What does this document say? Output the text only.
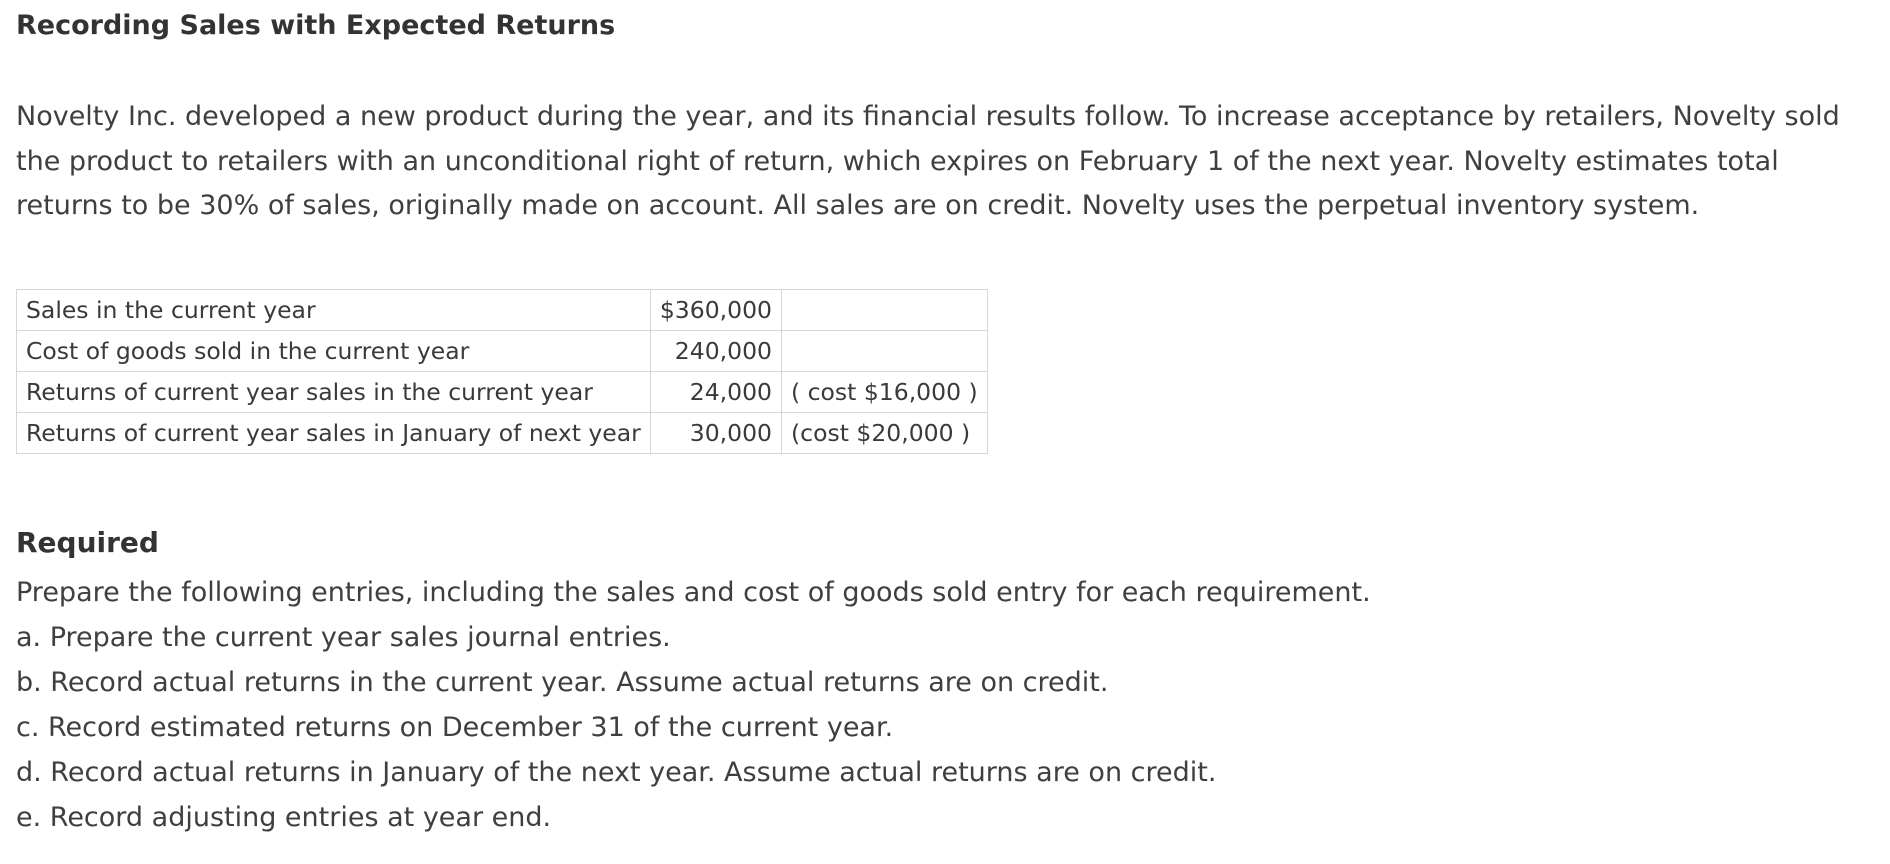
Recording Sales with Expected Returns

Novelty Inc. developed a new product during the year, and its financial results follow. To increase acceptance by retailers, Novelty sold
the product to retailers with an unconditional right of return, which expires on February 1 of the next year. Novelty estimates total
returns to be 30% of sales, originally made on account. All sales are on credit. Novelty uses the perpetual inventory system.

Sales in the current year	$360,000	
Cost of goods sold in the current year	240,000	
Returns of current year sales in the current year	24,000	( cost $16,000 )
Returns of current year sales in January of next year	30,000	(cost $20,000 )
Required
Prepare the following entries, including the sales and cost of goods sold entry for each requirement.
a. Prepare the current year sales journal entries.
b. Record actual returns in the current year. Assume actual returns are on credit.
c. Record estimated returns on December 31 of the current year.
d. Record actual returns in January of the next year. Assume actual returns are on credit.
e. Record adjusting entries at year end.
